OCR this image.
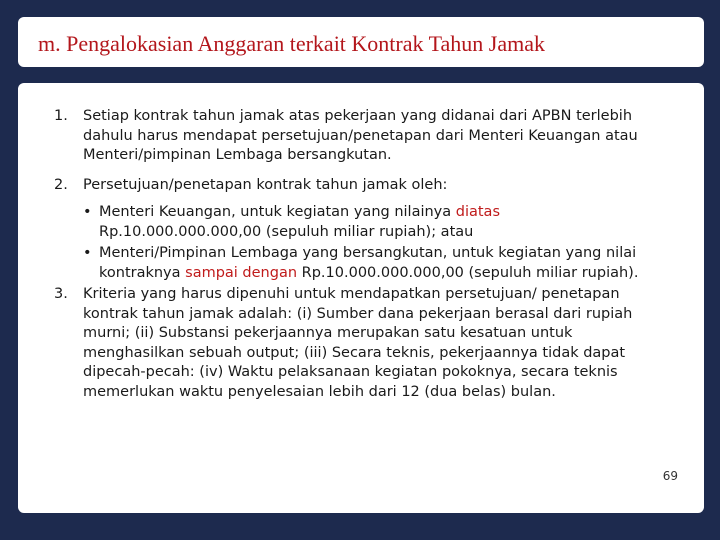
m. Pengalokasian Anggaran terkait Kontrak Tahun Jamak

1. Setiap kontrak tahun jamak atas pekerjaan yang didanai dari APBN terlebih dahulu harus mendapat persetujuan/penetapan dari Menteri Keuangan atau Menteri/pimpinan Lembaga bersangkutan.

2. Persetujuan/penetapan kontrak tahun jamak oleh:
• Menteri Keuangan, untuk kegiatan yang nilainya diatas Rp.10.000.000.000,00 (sepuluh miliar rupiah); atau
• Menteri/Pimpinan Lembaga yang bersangkutan, untuk kegiatan yang nilai kontraknya sampai dengan Rp.10.000.000.000,00 (sepuluh miliar rupiah).

3. Kriteria yang harus dipenuhi untuk mendapatkan persetujuan/ penetapan kontrak tahun jamak adalah: (i) Sumber dana pekerjaan berasal dari rupiah murni; (ii) Substansi pekerjaannya merupakan satu kesatuan untuk menghasilkan sebuah output; (iii) Secara teknis, pekerjaannya tidak dapat dipecah-pecah: (iv) Waktu pelaksanaan kegiatan pokoknya, secara teknis memerlukan waktu penyelesaian lebih dari 12 (dua belas) bulan.

69
